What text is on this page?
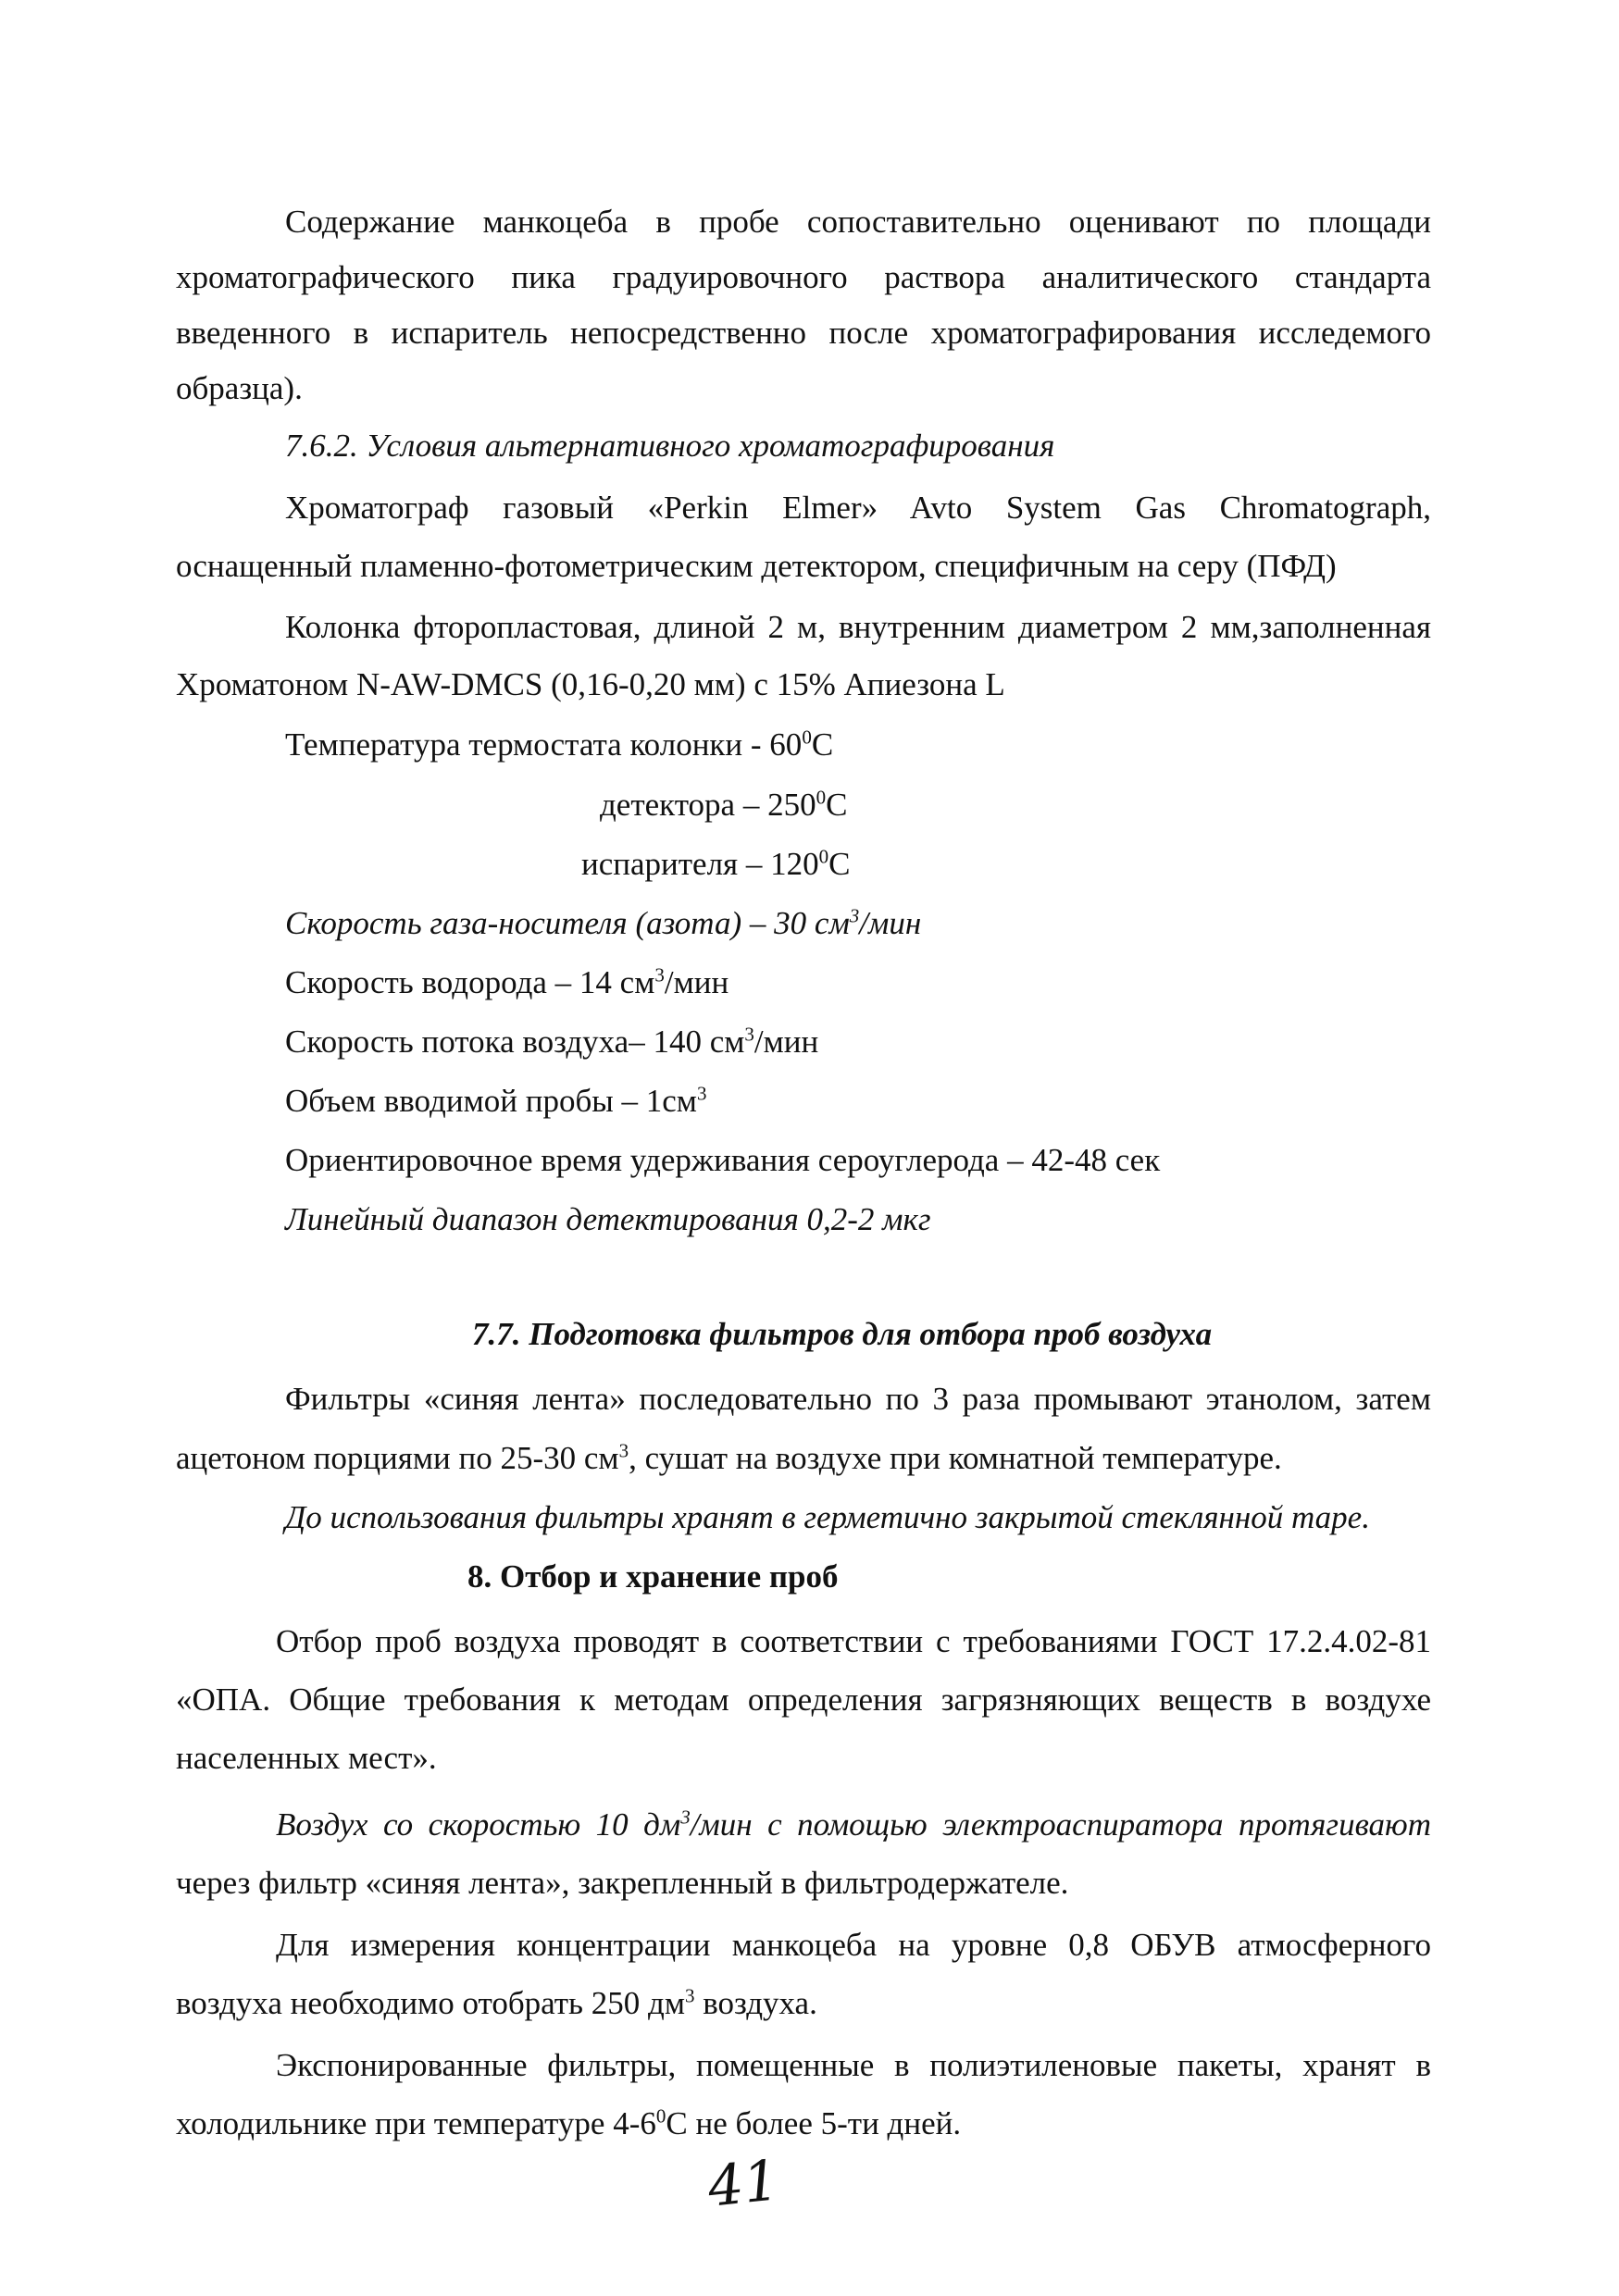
Содержание манкоцеба в пробе сопоставительно оценивают по площади
хроматографического пика градуировочного раствора аналитического стандарта
введенного в испаритель непосредственно после хроматографирования исследемого
образца).
7.6.2. Условия альтернативного хроматографирования
Хроматограф газовый «Perkin Elmer» Avto System Gas Chromatograph,
оснащенный пламенно-фотометрическим детектором, специфичным на серу (ПФД)
Колонка фторопластовая, длиной 2 м, внутренним диаметром 2 мм,заполненная
Хроматоном N-AW-DMCS (0,16-0,20 мм) с 15% Апиезона L
Температура термостата колонки - $60^0С$
детектора – $250^0С$
испарителя – $120^0С$
Скорость газа-носителя (азота) – 30 $см^3$/мин
Скорость водорода – 14 $см^3$/мин
Скорость потока воздуха– 140 $см^3$/мин
Объем вводимой пробы – $1см^3$
Ориентировочное время удерживания сероуглерода – 42-48 сек
Линейный диапазон детектирования 0,2-2 мкг
7.7. Подготовка фильтров для отбора проб воздуха
Фильтры «синяя лента» последовательно по 3 раза промывают этанолом, затем
ацетоном порциями по 25-30 $см^3$, сушат на воздухе при комнатной температуре.
До использования фильтры хранят в герметично закрытой стеклянной таре.
8. Отбор и хранение проб
Отбор проб воздуха проводят в соответствии с требованиями ГОСТ 17.2.4.02-81
«ОПА. Общие требования к методам определения загрязняющих веществ в воздухе
населенных мест».
Воздух со скоростью 10 $дм^3$/мин с помощью электроаспиратора протягивают
через фильтр «синяя лента», закрепленный в фильтродержателе.
Для измерения концентрации манкоцеба на уровне 0,8 ОБУВ атмосферного
воздуха необходимо отобрать 250 $дм^3$ воздуха.
Экспонированные фильтры, помещенные в полиэтиленовые пакеты, хранят в
холодильнике при температуре $4-6^0С$ не более 5-ти дней.
41
